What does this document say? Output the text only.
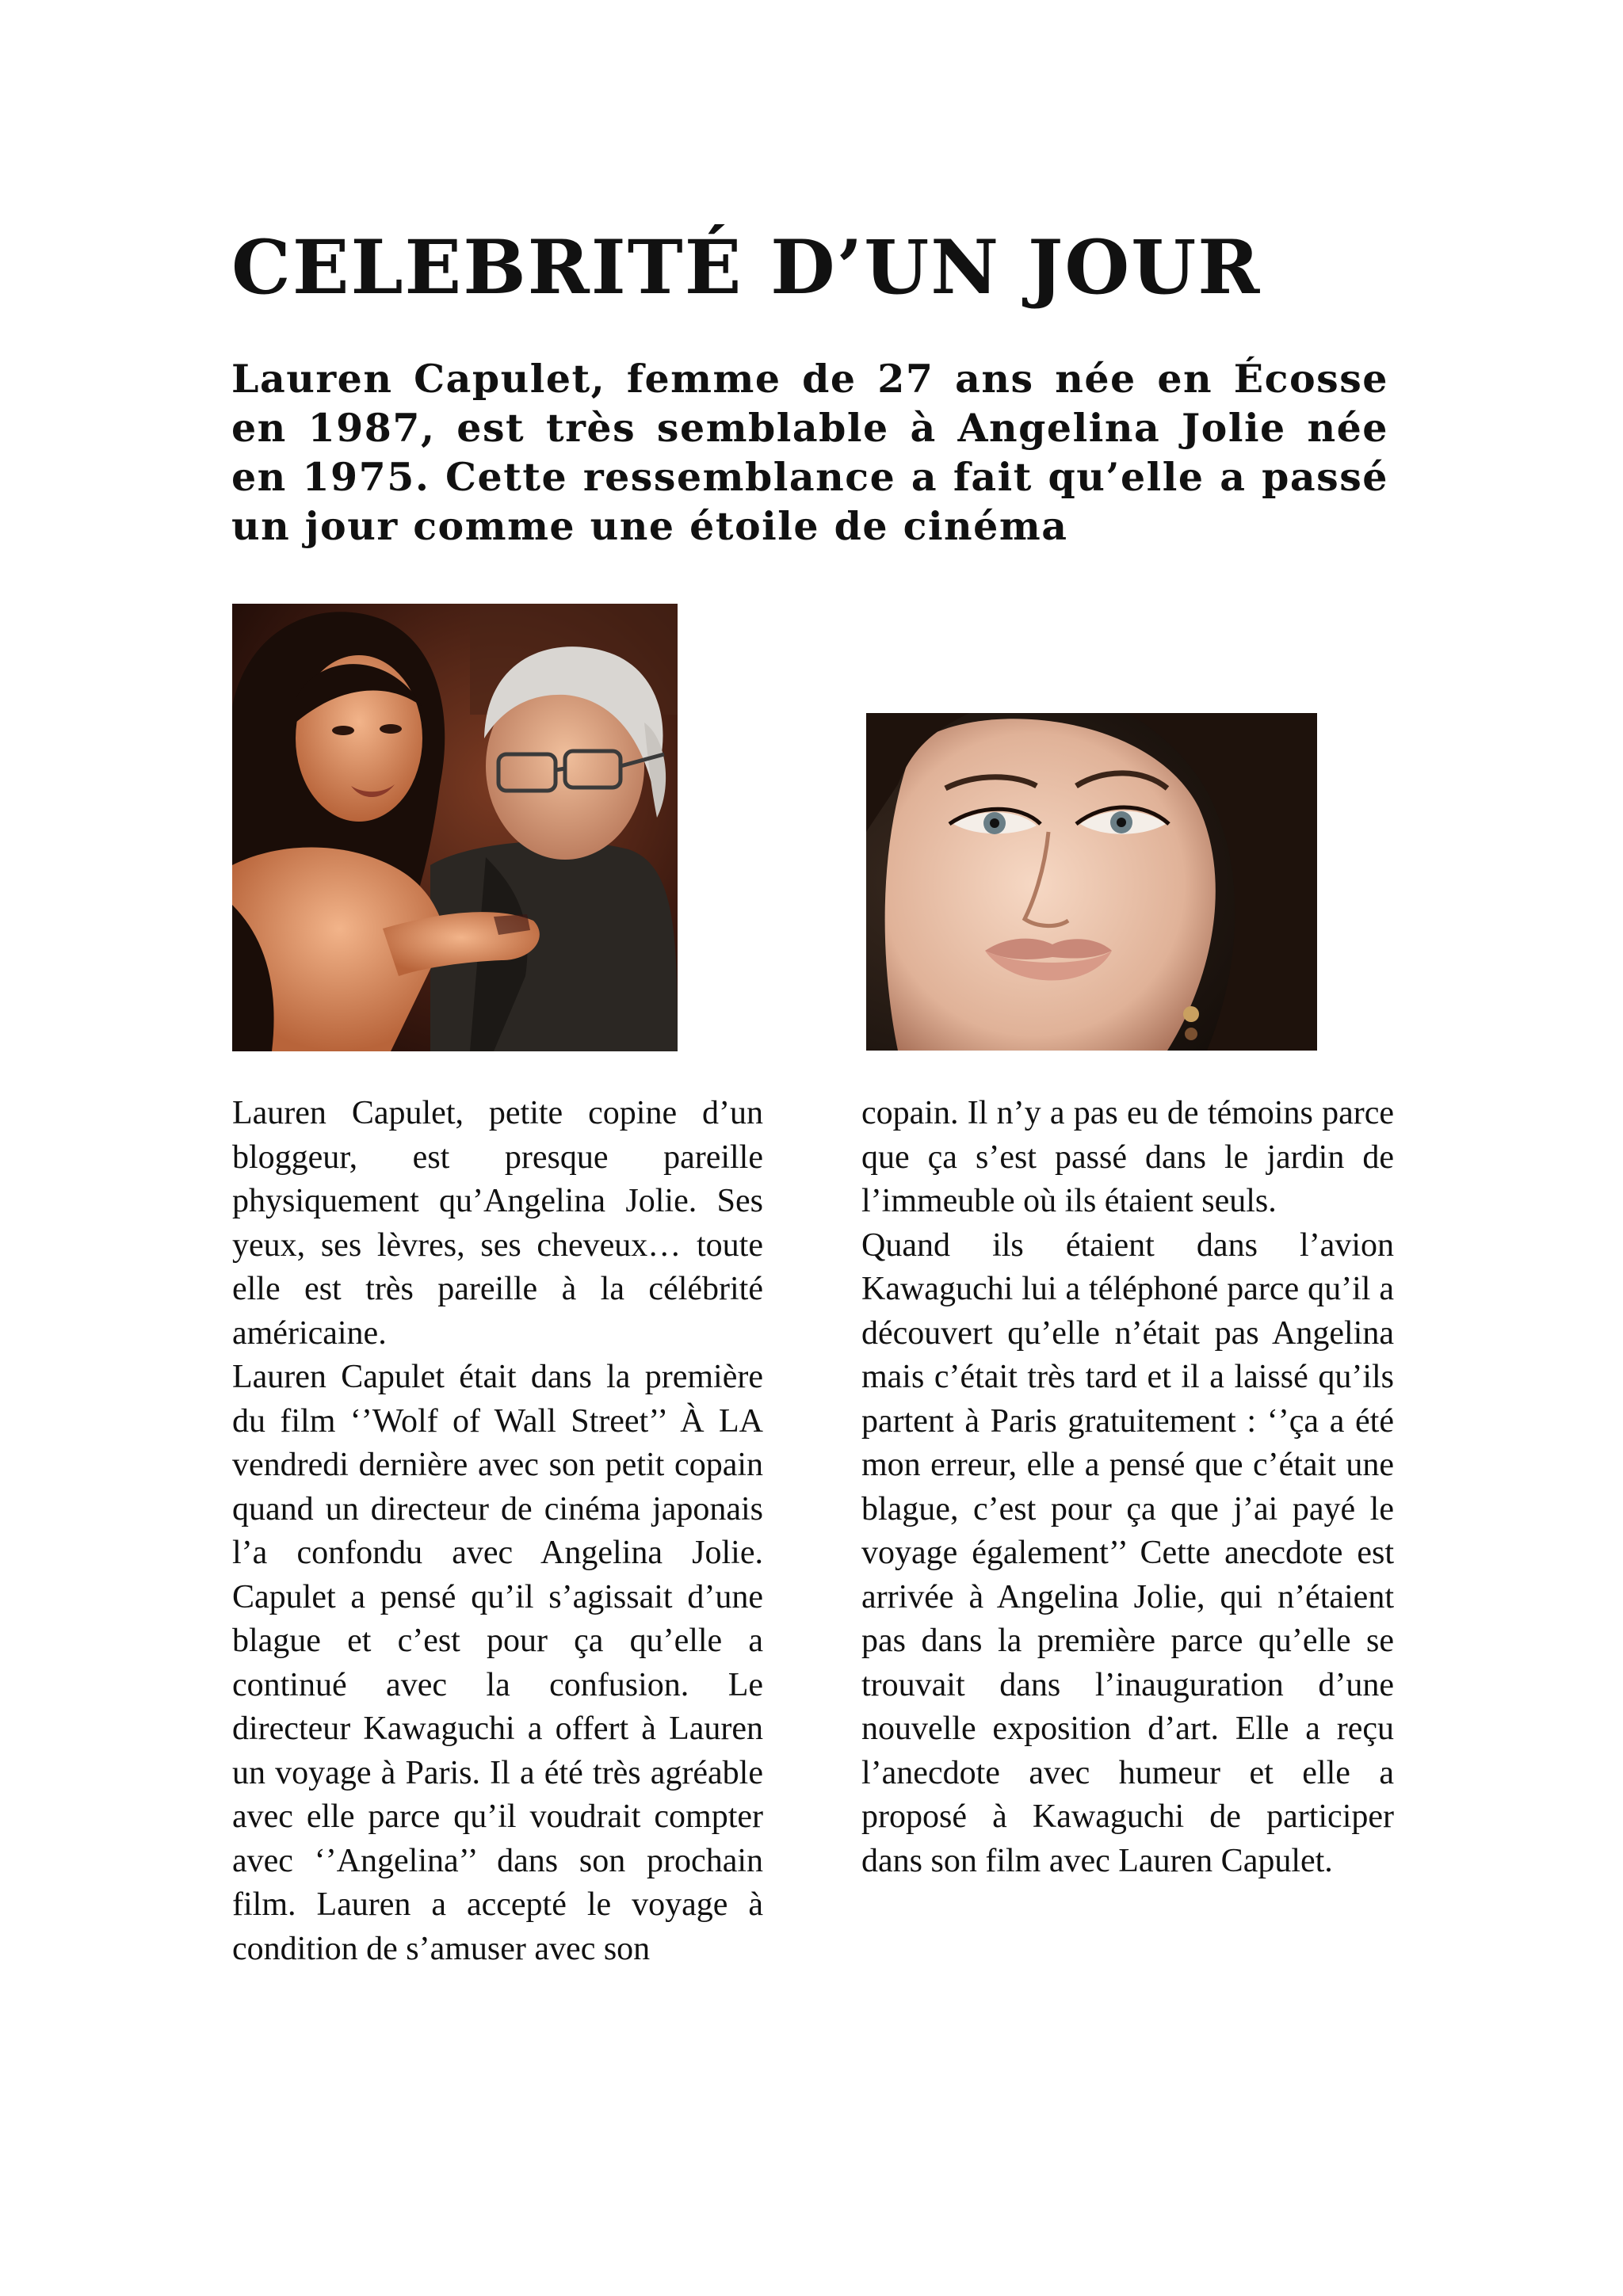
CELEBRITÉ D’UN JOUR

Lauren Capulet, femme de 27 ans née en Écosse en 1987, est très semblable à Angelina Jolie née en 1975. Cette ressemblance a fait qu’elle a passé un jour comme une étoile de cinéma

Lauren Capulet, petite copine d’un bloggeur, est presque pareille physiquement qu’Angelina Jolie. Ses yeux, ses lèvres, ses cheveux… toute elle est très pareille à la célébrité américaine.

Lauren Capulet était dans la première du film ‘’Wolf of Wall Street’’ À LA vendredi dernière avec son petit copain quand un directeur de cinéma japonais l’a confondu avec Angelina Jolie. Capulet a pensé qu’il s’agissait d’une blague et c’est pour ça qu’elle a continué avec la confusion. Le directeur Kawaguchi a offert à Lauren un voyage à Paris. Il a été très agréable avec elle parce qu’il voudrait compter avec ‘’Angelina’’ dans son prochain film. Lauren a accepté le voyage à condition de s’amuser avec son

copain. Il n’y a pas eu de témoins parce que ça s’est passé dans le jardin de l’immeuble où ils étaient seuls.

Quand ils étaient dans l’avion Kawaguchi lui a téléphoné parce qu’il a découvert qu’elle n’était pas Angelina mais c’était très tard et il a laissé qu’ils partent à Paris gratuitement : ‘’ça a été mon erreur, elle a pensé que c’était une blague, c’est pour ça que j’ai payé le voyage également’’ Cette anecdote est arrivée à Angelina Jolie, qui n’étaient pas dans la première parce qu’elle se trouvait dans l’inauguration d’une nouvelle exposition d’art. Elle a reçu l’anecdote avec humeur et elle a proposé à Kawaguchi de participer dans son film avec Lauren Capulet.
